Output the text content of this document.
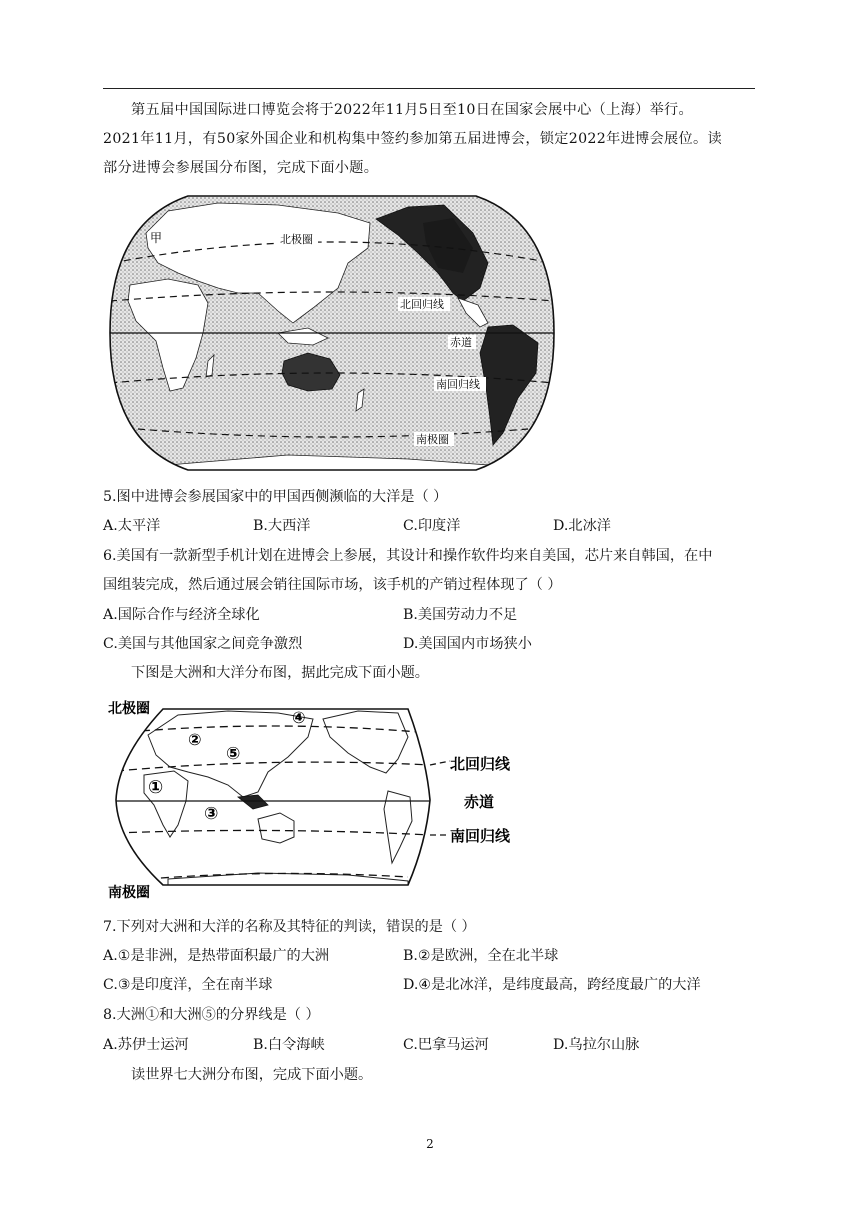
第五届中国国际进口博览会将于2022年11月5日至10日在国家会展中心（上海）举行。
2021年11月，有50家外国企业和机构集中签约参加第五届进博会，锁定2022年进博会展位。读
部分进博会参展国分布图，完成下面小题。
甲	北极圈
北回归线
赤道
南回归线
南极圈
5.图中进博会参展国家中的甲国西侧濒临的大洋是（ ）
A.太平洋	B.大西洋	C.印度洋	D.北冰洋
6.美国有一款新型手机计划在进博会上参展，其设计和操作软件均来自美国，芯片来自韩国，在中
国组装完成，然后通过展会销往国际市场，该手机的产销过程体现了（ ）
A.国际合作与经济全球化	B.美国劳动力不足
C.美国与其他国家之间竞争激烈	D.美国国内市场狭小
下图是大洲和大洋分布图，据此完成下面小题。
①
②
③
④
⑤
北极圈
北回归线
赤道
南回归线
南极圈
7.下列对大洲和大洋的名称及其特征的判读，错误的是（ ）
A.①是非洲，是热带面积最广的大洲	B.②是欧洲，全在北半球
C.③是印度洋，全在南半球	D.④是北冰洋，是纬度最高，跨经度最广的大洋
8.大洲①和大洲⑤的分界线是（ ）
A.苏伊士运河	B.白令海峡	C.巴拿马运河	D.乌拉尔山脉
读世界七大洲分布图，完成下面小题。
2
